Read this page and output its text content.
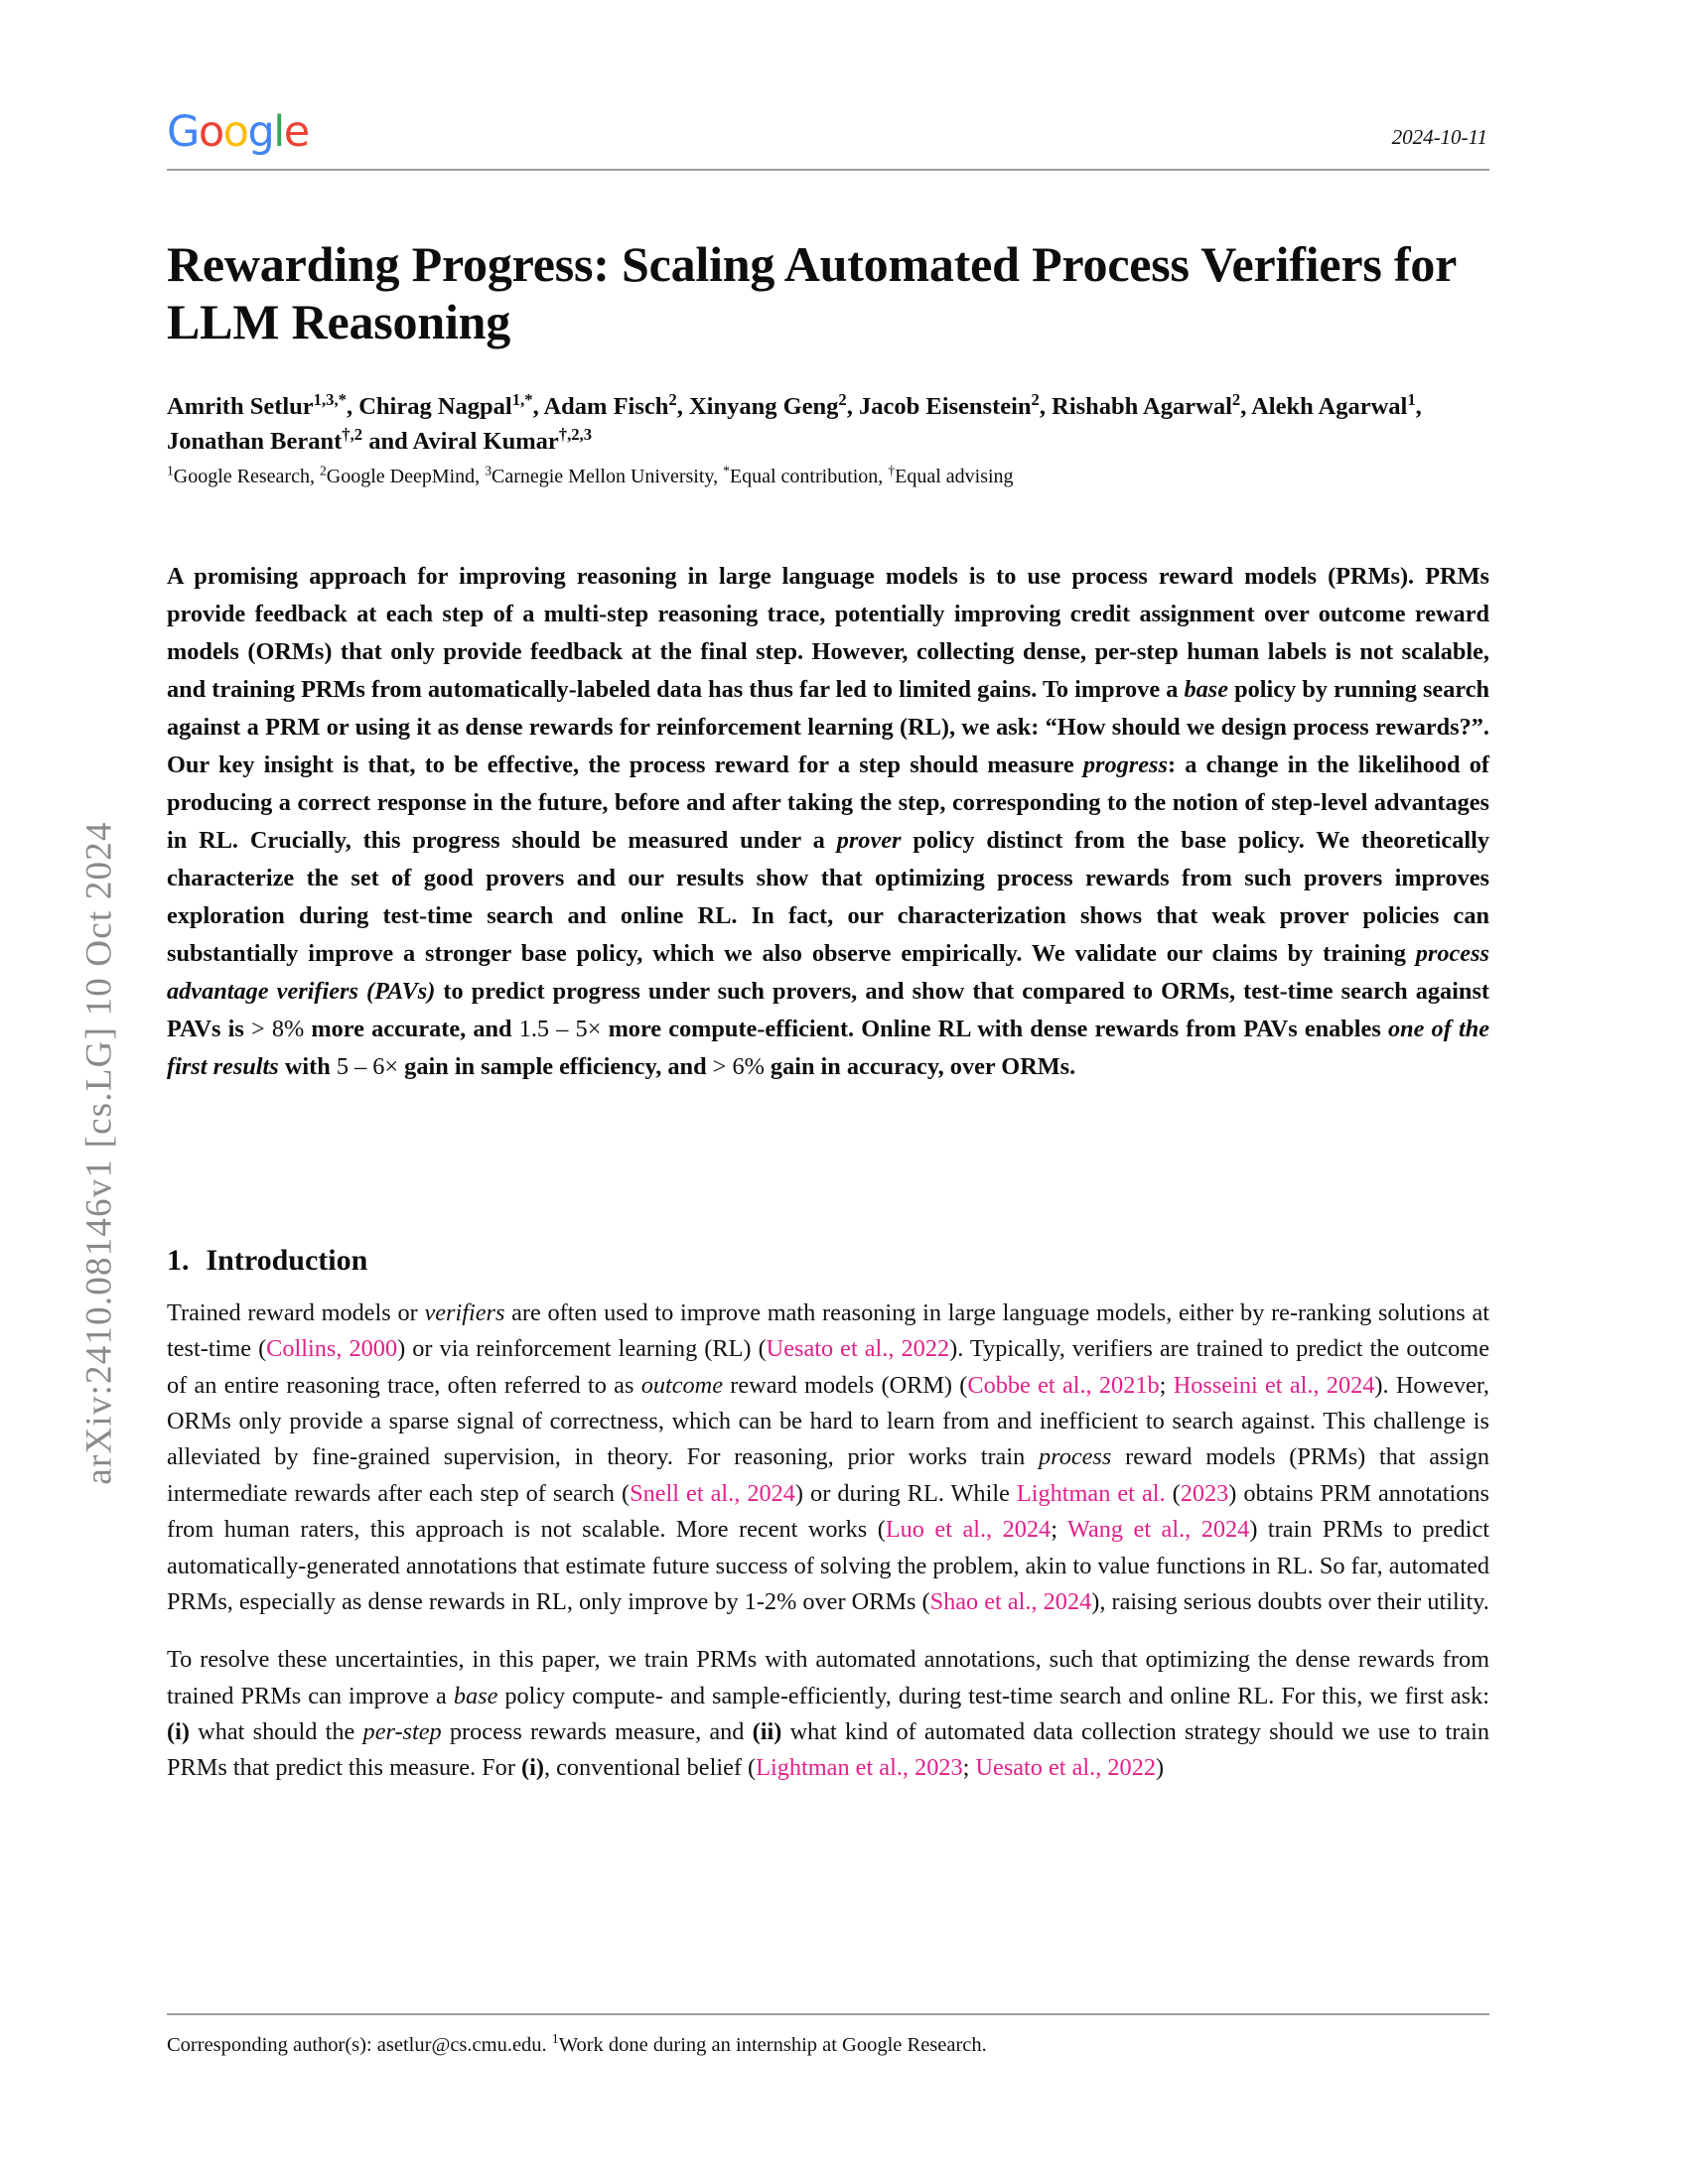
arXiv:2410.08146v1 [cs.LG] 10 Oct 2024
Google	2024-10-11
Rewarding Progress: Scaling Automated Process Verifiers for LLM Reasoning
Amrith Setlur$^{1,3,*}$, Chirag Nagpal$^{1,*}$, Adam Fisch$^2$, Xinyang Geng$^2$, Jacob Eisenstein$^2$, Rishabh Agarwal$^2$, Alekh Agarwal$^1$, Jonathan Berant$^{\dagger,2}$ and Aviral Kumar$^{\dagger,2,3}$
$^1$Google Research, $^2$Google DeepMind, $^3$Carnegie Mellon University, *Equal contribution, †Equal advising
A promising approach for improving reasoning in large language models is to use process reward models (PRMs). PRMs provide feedback at each step of a multi-step reasoning trace, potentially improving credit assignment over outcome reward models (ORMs) that only provide feedback at the final step. However, collecting dense, per-step human labels is not scalable, and training PRMs from automatically-labeled data has thus far led to limited gains. To improve a base policy by running search against a PRM or using it as dense rewards for reinforcement learning (RL), we ask: “How should we design process rewards?”. Our key insight is that, to be effective, the process reward for a step should measure progress: a change in the likelihood of producing a correct response in the future, before and after taking the step, corresponding to the notion of step-level advantages in RL. Crucially, this progress should be measured under a prover policy distinct from the base policy. We theoretically characterize the set of good provers and our results show that optimizing process rewards from such provers improves exploration during test-time search and online RL. In fact, our characterization shows that weak prover policies can substantially improve a stronger base policy, which we also observe empirically. We validate our claims by training process advantage verifiers (PAVs) to predict progress under such provers, and show that compared to ORMs, test-time search against PAVs is > 8% more accurate, and 1.5 – 5× more compute-efficient. Online RL with dense rewards from PAVs enables one of the first results with 5 – 6× gain in sample efficiency, and > 6% gain in accuracy, over ORMs.
1. Introduction

Trained reward models or verifiers are often used to improve math reasoning in large language models, either by re-ranking solutions at test-time (Collins, 2000) or via reinforcement learning (RL) (Uesato et al., 2022). Typically, verifiers are trained to predict the outcome of an entire reasoning trace, often referred to as outcome reward models (ORM) (Cobbe et al., 2021b; Hosseini et al., 2024). However, ORMs only provide a sparse signal of correctness, which can be hard to learn from and inefficient to search against. This challenge is alleviated by fine-grained supervision, in theory. For reasoning, prior works train process reward models (PRMs) that assign intermediate rewards after each step of search (Snell et al., 2024) or during RL. While Lightman et al. (2023) obtains PRM annotations from human raters, this approach is not scalable. More recent works (Luo et al., 2024; Wang et al., 2024) train PRMs to predict automatically-generated annotations that estimate future success of solving the problem, akin to value functions in RL. So far, automated PRMs, especially as dense rewards in RL, only improve by 1-2% over ORMs (Shao et al., 2024), raising serious doubts over their utility.

To resolve these uncertainties, in this paper, we train PRMs with automated annotations, such that optimizing the dense rewards from trained PRMs can improve a base policy compute- and sample-efficiently, during test-time search and online RL. For this, we first ask: (i) what should the per-step process rewards measure, and (ii) what kind of automated data collection strategy should we use to train PRMs that predict this measure. For (i), conventional belief (Lightman et al., 2023; Uesato et al., 2022)

Corresponding author(s): asetlur@cs.cmu.edu. $^1$Work done during an internship at Google Research.
